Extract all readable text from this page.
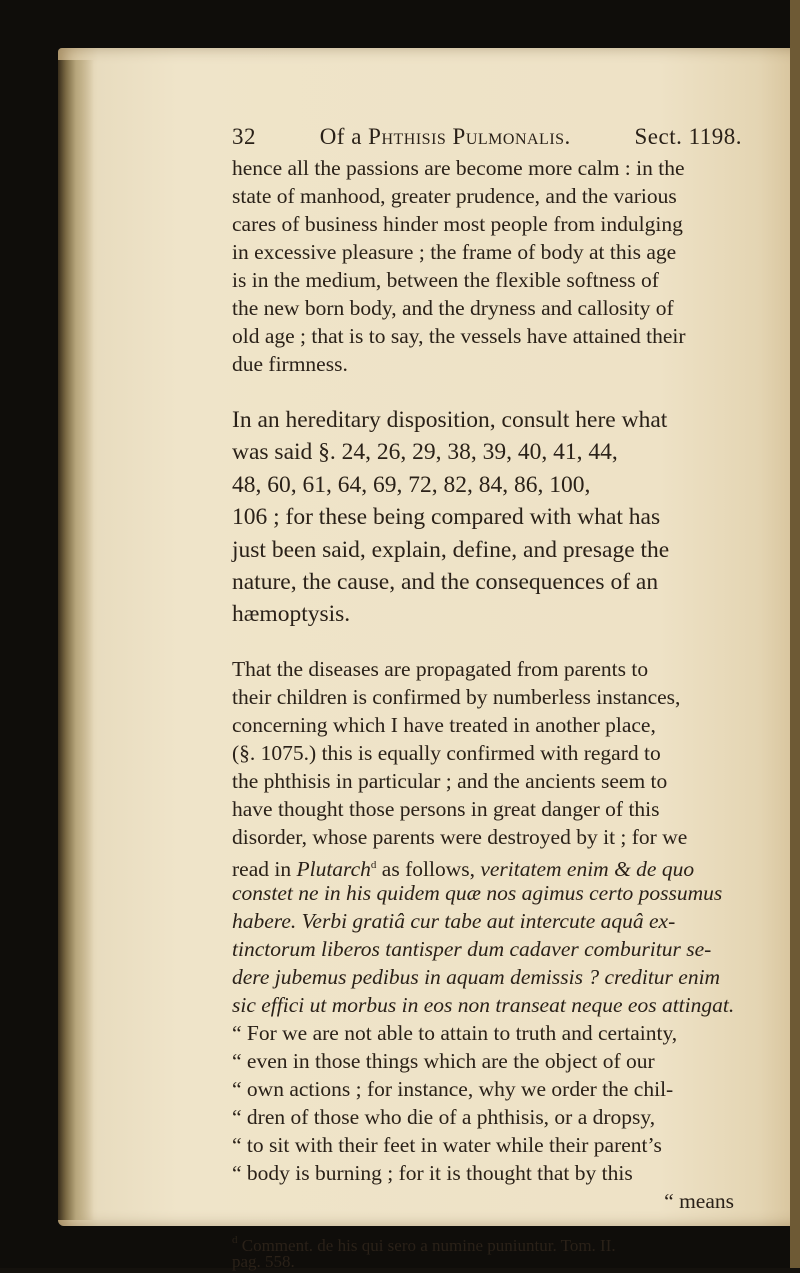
32	Of a Phthisis Pulmonalis.	Sect. 1198.
hence all the passions are become more calm : in the
state of manhood, greater prudence, and the various
cares of business hinder most people from indulging
in excessive pleasure ; the frame of body at this age
is in the medium, between the flexible softness of
the new born body, and the dryness and callosity of
old age ; that is to say, the vessels have attained their
due firmness.
In an hereditary disposition, consult here what
was said §. 24, 26, 29, 38, 39, 40, 41, 44,
48, 60, 61, 64, 69, 72, 82, 84, 86, 100,
106 ; for these being compared with what has
just been said, explain, define, and presage the
nature, the cause, and the consequences of an
hæmoptysis.
That the diseases are propagated from parents to
their children is confirmed by numberless instances,
concerning which I have treated in another place,
(§. 1075.) this is equally confirmed with regard to
the phthisis in particular ; and the ancients seem to
have thought those persons in great danger of this
disorder, whose parents were destroyed by it ; for we
read in Plutarch$^d$ as follows, veritatem enim & de quo
constet ne in his quidem quæ nos agimus certo possumus
habere. Verbi gratiâ cur tabe aut intercute aquâ ex-
tinctorum liberos tantisper dum cadaver comburitur se-
dere jubemus pedibus in aquam demissis ? creditur enim
sic effici ut morbus in eos non transeat neque eos attingat.
“ For we are not able to attain to truth and certainty,
“ even in those things which are the object of our
“ own actions ; for instance, why we order the chil-
“ dren of those who die of a phthisis, or a dropsy,
“ to sit with their feet in water while their parent’s
“ body is burning ; for it is thought that by this
“ means
$^d$ Comment. de his qui sero a numine puniuntur. Tom. II.
pag. 558.
